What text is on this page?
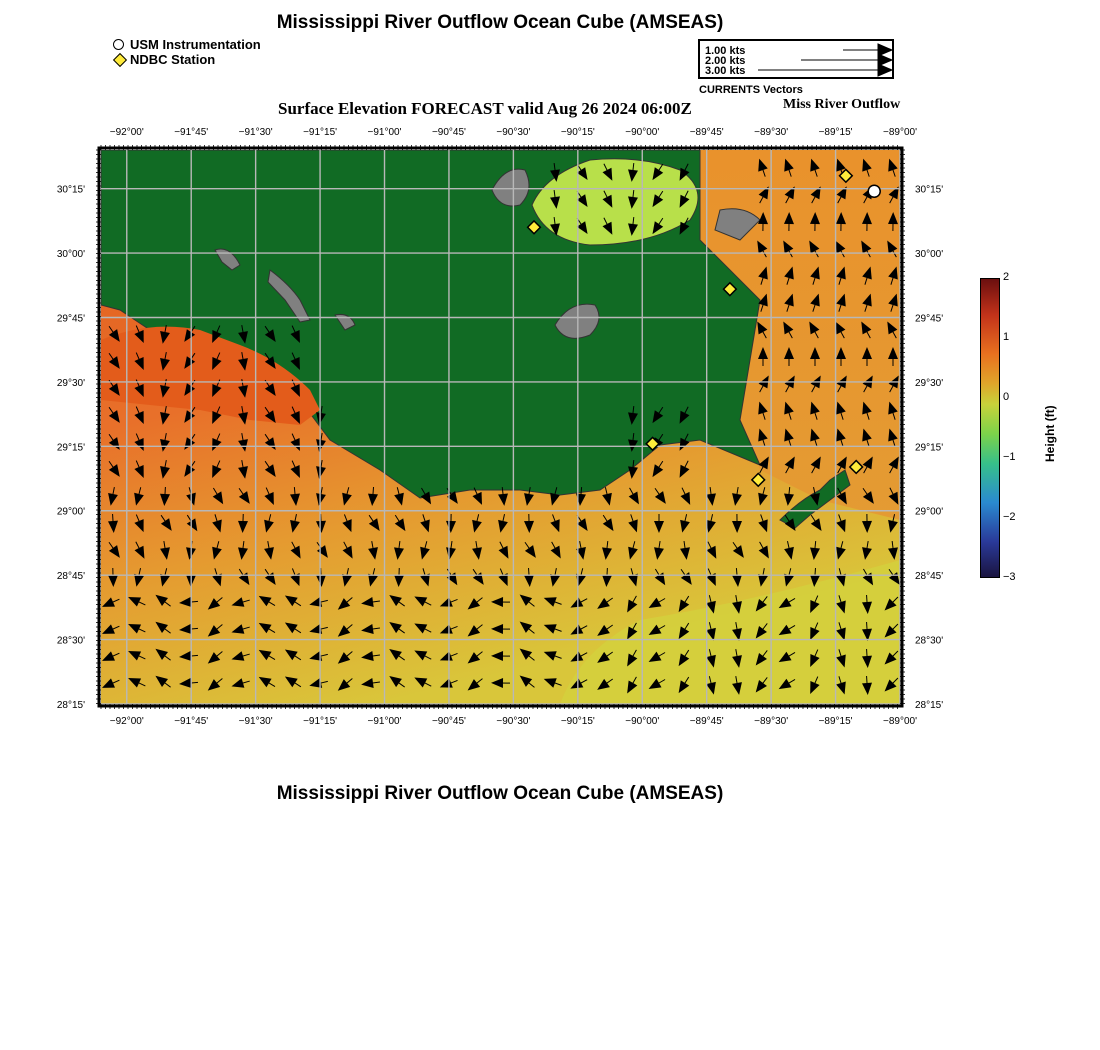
Mississippi River Outflow Ocean Cube (AMSEAS)
USM Instrumentation
NDBC Station
1.00 kts
2.00 kts
3.00 kts
CURRENTS Vectors
Surface Elevation FORECAST valid Aug 26 2024 06:00Z	Miss River Outflow
−92°00'
−92°00'
−91°45'
−91°45'
−91°30'
−91°30'
−91°15'
−91°15'
−91°00'
−91°00'
−90°45'
−90°45'
−90°30'
−90°30'
−90°15'
−90°15'
−90°00'
−90°00'
−89°45'
−89°45'
−89°30'
−89°30'
−89°15'
−89°15'
−89°00'
−89°00'
30°15'	30°15'
30°00'	30°00'
29°45'	29°45'
29°30'	29°30'
29°15'	29°15'
29°00'	29°00'
28°45'	28°45'
28°30'	28°30'
28°15'	28°15'
2
1
0
−1
−2
−3
Height (ft)
Mississippi River Outflow Ocean Cube (AMSEAS)
